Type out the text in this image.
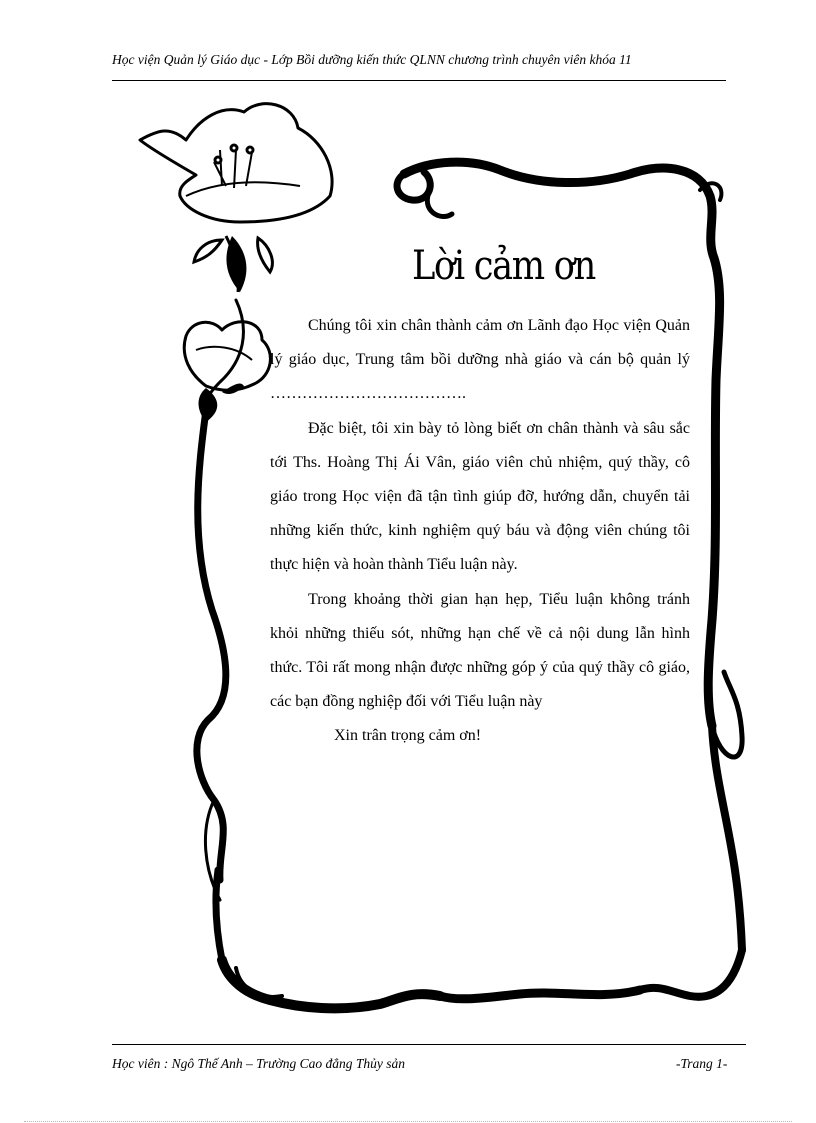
Học viện Quản lý Giáo dục - Lớp Bồi dưỡng kiến thức QLNN chương trình chuyên viên khóa 11
Lời cảm ơn

Chúng tôi xin chân thành cảm ơn Lãnh đạo Học viện Quản lý giáo dục, Trung tâm bồi dưỡng nhà giáo và cán bộ quản lý ……………………………….

Đặc biệt, tôi xin bày tỏ lòng biết ơn chân thành và sâu sắc tới Ths. Hoàng Thị Ái Vân, giáo viên chủ nhiệm, quý thầy, cô giáo trong Học viện đã tận tình giúp đỡ, hướng dẫn, chuyển tải những kiến thức, kinh nghiệm quý báu và động viên chúng tôi thực hiện và hoàn thành Tiểu luận này.

Trong khoảng thời gian hạn hẹp, Tiểu luận không tránh khỏi những thiếu sót, những hạn chế về cả nội dung lẫn hình thức. Tôi rất mong nhận được những góp ý của quý thầy cô giáo, các bạn đồng nghiệp đối với Tiểu luận này

Xin trân trọng cảm ơn!

Học viên : Ngô Thế Anh – Trường Cao đẳng Thủy sản	-Trang 1-
